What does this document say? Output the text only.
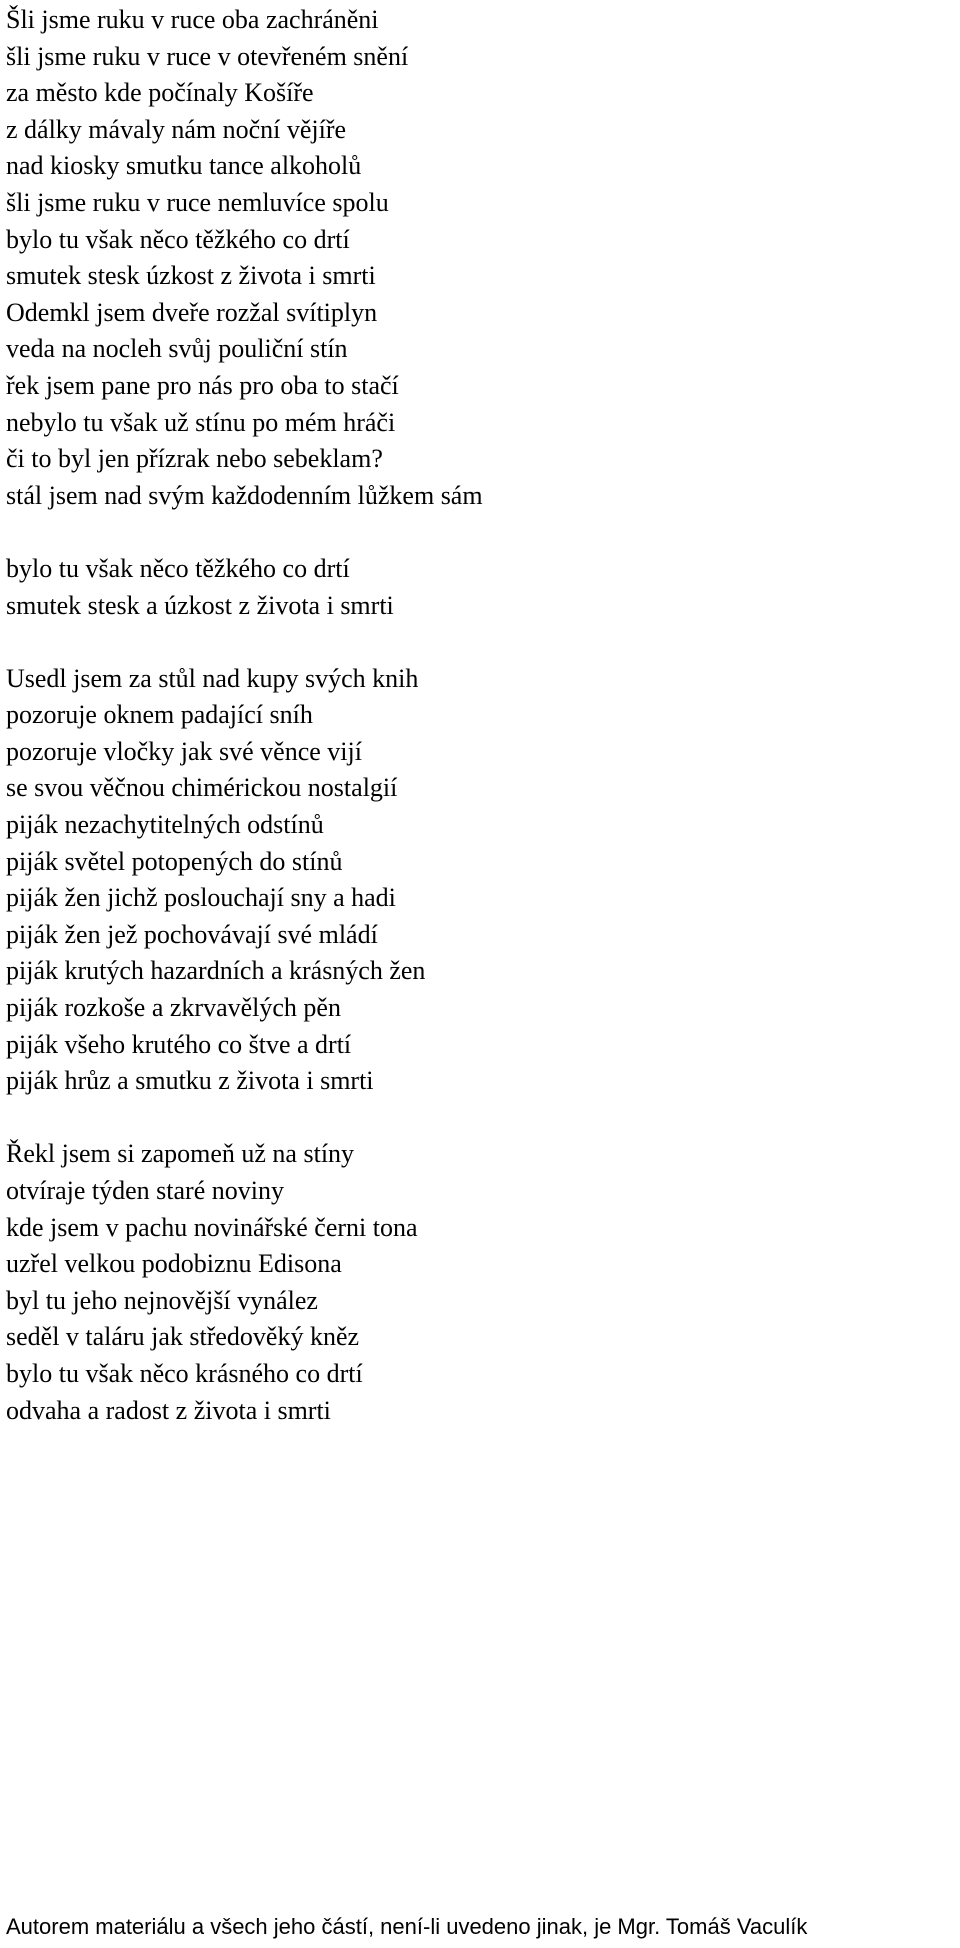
Šli jsme ruku v ruce oba zachráněni
šli jsme ruku v ruce v otevřeném snění
za město kde počínaly Košíře
z dálky mávaly nám noční vějíře
nad kiosky smutku tance alkoholů
šli jsme ruku v ruce nemluvíce spolu
bylo tu však něco těžkého co drtí
smutek stesk úzkost z života i smrti
Odemkl jsem dveře rozžal svítiplyn
veda na nocleh svůj pouliční stín
řek jsem pane pro nás pro oba to stačí
nebylo tu však už stínu po mém hráči
či to byl jen přízrak nebo sebeklam?
stál jsem nad svým každodenním lůžkem sám
bylo tu však něco těžkého co drtí
smutek stesk a úzkost z života i smrti
Usedl jsem za stůl nad kupy svých knih
pozoruje oknem padající sníh
pozoruje vločky jak své věnce vijí
se svou věčnou chimérickou nostalgií
piják nezachytitelných odstínů
piják světel potopených do stínů
piják žen jichž poslouchají sny a hadi
piják žen jež pochovávají své mládí
piják krutých hazardních a krásných žen
piják rozkoše a zkrvavělých pěn
piják všeho krutého co štve a drtí
piják hrůz a smutku z života i smrti
Řekl jsem si zapomeň už na stíny
otvíraje týden staré noviny
kde jsem v pachu novinářské černi tona
uzřel velkou podobiznu Edisona
byl tu jeho nejnovější vynález
seděl v taláru jak středověký kněz
bylo tu však něco krásného co drtí
odvaha a radost z života i smrti
Autorem materiálu a všech jeho částí, není-li uvedeno jinak, je Mgr. Tomáš Vaculík
